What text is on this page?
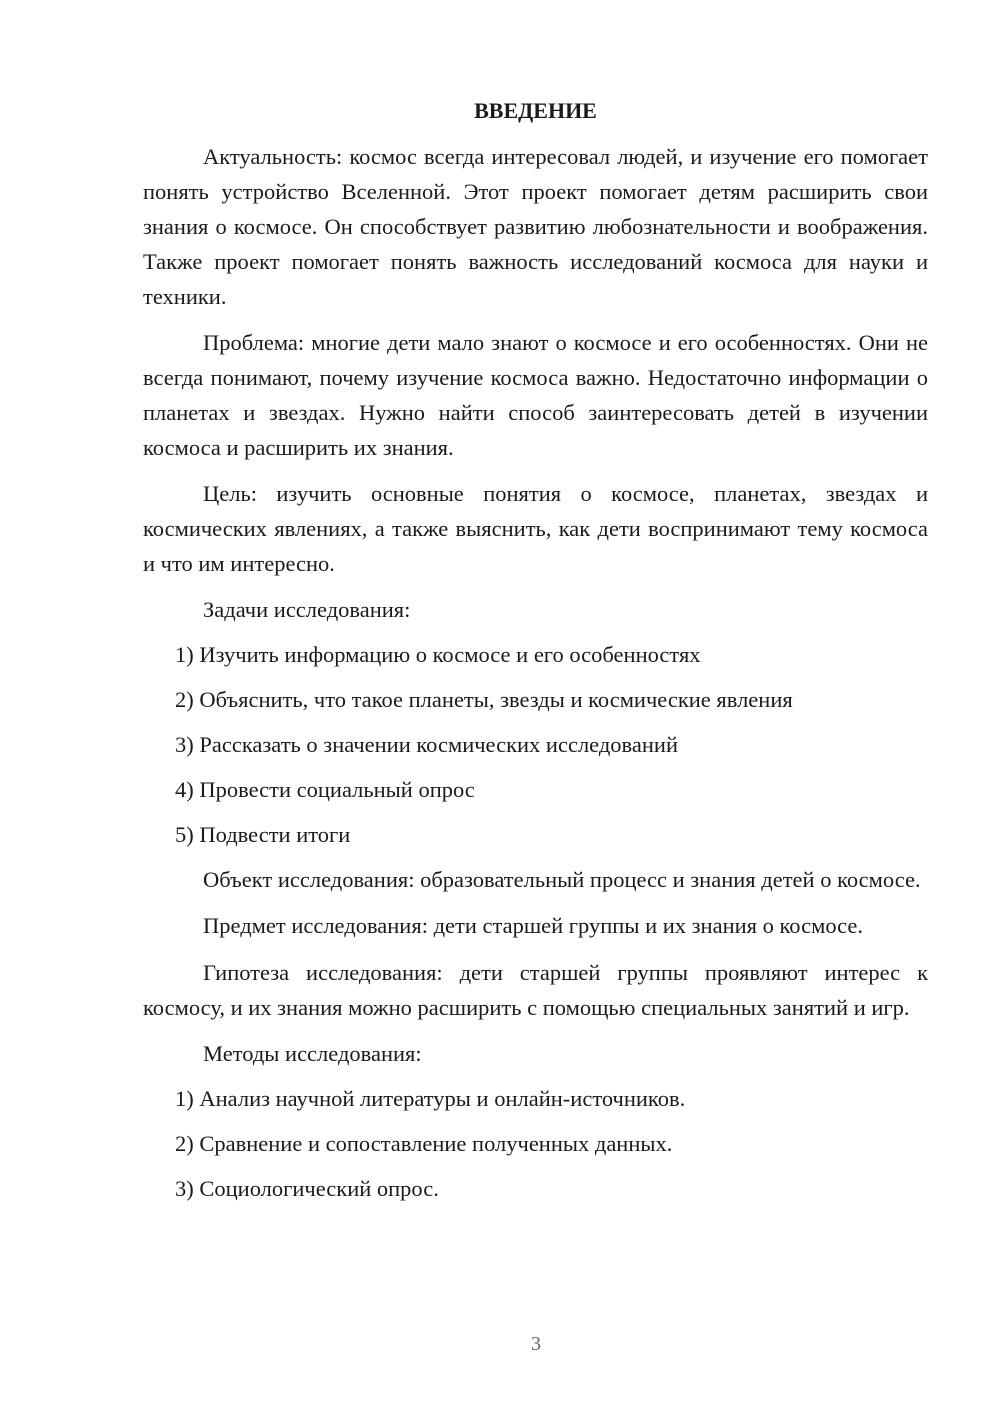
ВВЕДЕНИЕ

Актуальность: космос всегда интересовал людей, и изучение его помогает понять устройство Вселенной. Этот проект помогает детям расширить свои знания о космосе. Он способствует развитию любознательности и воображения. Также проект помогает понять важность исследований космоса для науки и техники.

Проблема: многие дети мало знают о космосе и его особенностях. Они не всегда понимают, почему изучение космоса важно. Недостаточно информации о планетах и звездах. Нужно найти способ заинтересовать детей в изучении космоса и расширить их знания.

Цель: изучить основные понятия о космосе, планетах, звездах и космических явлениях, а также выяснить, как дети воспринимают тему космоса и что им интересно.

Задачи исследования:

1) Изучить информацию о космосе и его особенностях

2) Объяснить, что такое планеты, звезды и космические явления

3) Рассказать о значении космических исследований

4) Провести социальный опрос

5) Подвести итоги

Объект исследования: образовательный процесс и знания детей о космосе.

Предмет исследования: дети старшей группы и их знания о космосе.

Гипотеза исследования: дети старшей группы проявляют интерес к космосу, и их знания можно расширить с помощью специальных занятий и игр.

Методы исследования:

1) Анализ научной литературы и онлайн-источников.

2) Сравнение и сопоставление полученных данных.

3) Социологический опрос.

3
